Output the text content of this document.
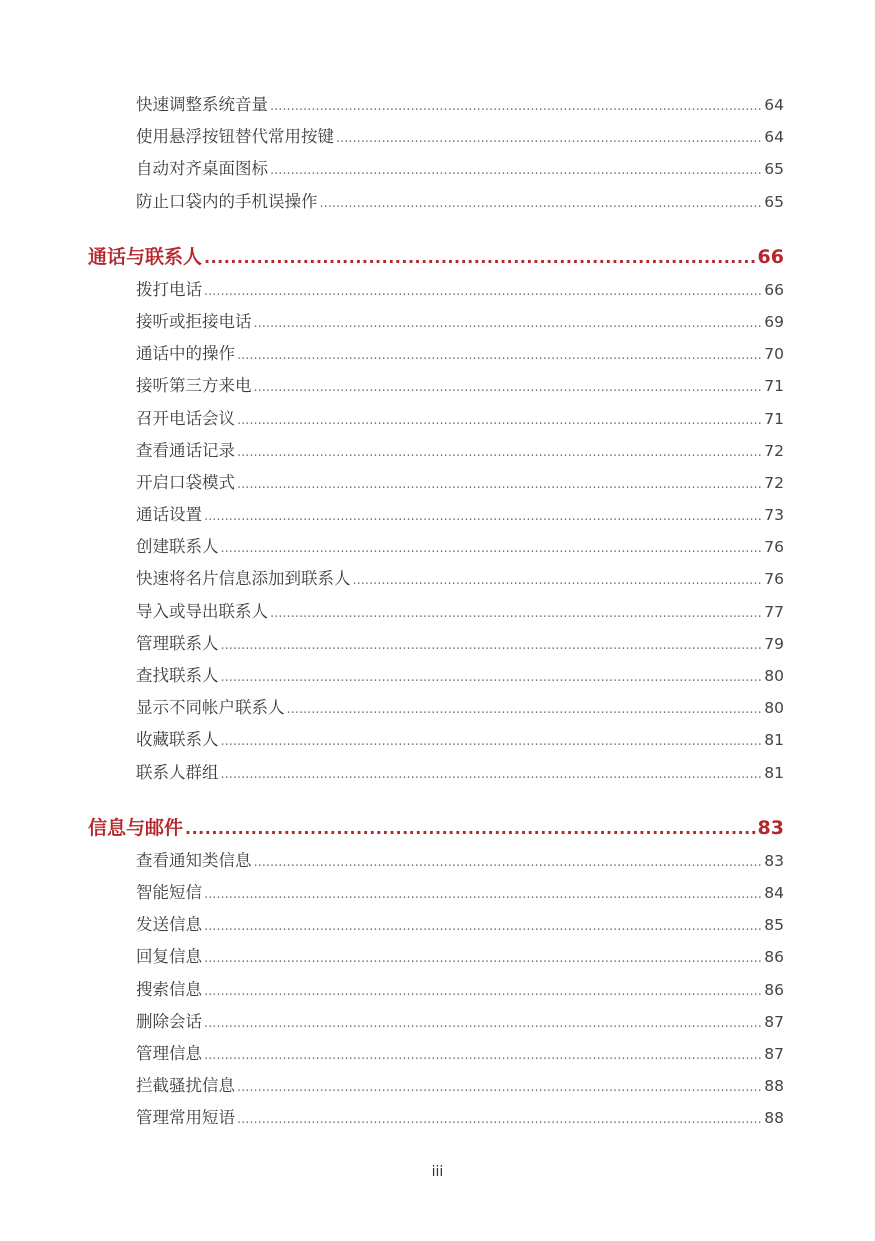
快速调整系统音量 .....	64
使用悬浮按钮替代常用按键 .....	64
自动对齐桌面图标 .....	65
防止口袋内的手机误操作 .....	65
通话与联系人 .....	66
拨打电话 .....	66
接听或拒接电话 .....	69
通话中的操作 .....	70
接听第三方来电 .....	71
召开电话会议 .....	71
查看通话记录 .....	72
开启口袋模式 .....	72
通话设置 .....	73
创建联系人 .....	76
快速将名片信息添加到联系人 .....	76
导入或导出联系人 .....	77
管理联系人 .....	79
查找联系人 .....	80
显示不同帐户联系人 .....	80
收藏联系人 .....	81
联系人群组 .....	81
信息与邮件 .....	83
查看通知类信息 .....	83
智能短信 .....	84
发送信息 .....	85
回复信息 .....	86
搜索信息 .....	86
删除会话 .....	87
管理信息 .....	87
拦截骚扰信息 .....	88
管理常用短语 .....	88
iii
